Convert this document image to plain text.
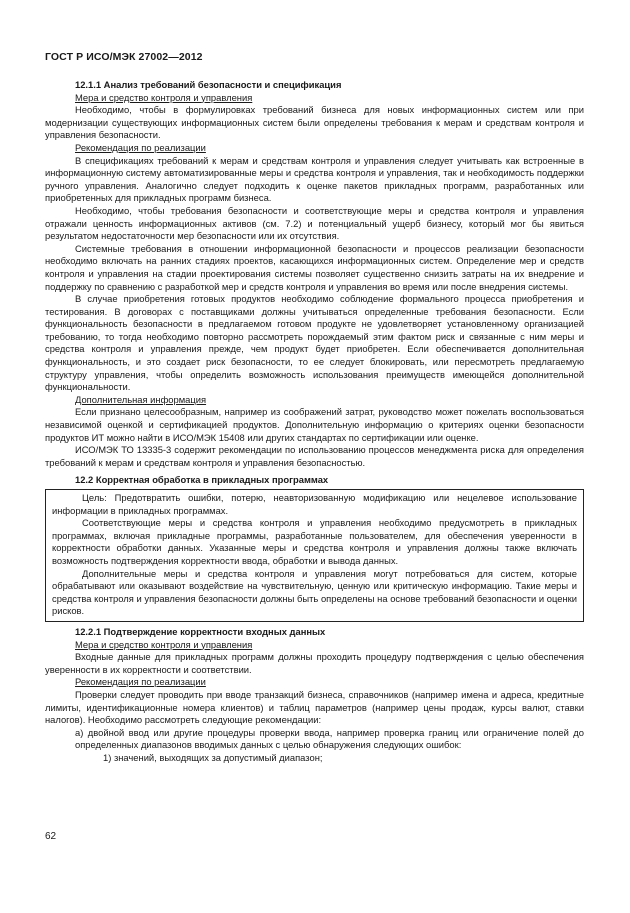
ГОСТ Р ИСО/МЭК 27002—2012
12.1.1 Анализ требований безопасности и спецификация
Мера и средство контроля и управления

Необходимо, чтобы в формулировках требований бизнеса для новых информационных систем или при модернизации существующих информационных систем были определены требования к мерам и средствам контроля и управления безопасности.

Рекомендация по реализации

В спецификациях требований к мерам и средствам контроля и управления следует учитывать как встроенные в информационную систему автоматизированные меры и средства контроля и управления, так и необходимость поддержки ручного управления. Аналогично следует подходить к оценке пакетов прикладных программ, разработанных или приобретенных для прикладных программ бизнеса.

Необходимо, чтобы требования безопасности и соответствующие меры и средства контроля и управления отражали ценность информационных активов (см. 7.2) и потенциальный ущерб бизнесу, который мог бы явиться результатом недостаточности мер безопасности или их отсутствия.

Системные требования в отношении информационной безопасности и процессов реализации безопасности необходимо включать на ранних стадиях проектов, касающихся информационных систем. Определение мер и средств контроля и управления на стадии проектирования системы позволяет существенно снизить затраты на их внедрение и поддержку по сравнению с разработкой мер и средств контроля и управления во время или после внедрения системы.

В случае приобретения готовых продуктов необходимо соблюдение формального процесса приобретения и тестирования. В договорах с поставщиками должны учитываться определенные требования безопасности. Если функциональность безопасности в предлагаемом готовом продукте не удовлетворяет установленному организацией требованию, то тогда необходимо повторно рассмотреть порождаемый этим фактом риск и связанные с ним меры и средства контроля и управления прежде, чем продукт будет приобретен. Если обеспечивается дополнительная функциональность, и это создает риск безопасности, то ее следует блокировать, или пересмотреть предлагаемую структуру управления, чтобы определить возможность использования преимуществ имеющейся дополнительной функциональности.

Дополнительная информация

Если признано целесообразным, например из соображений затрат, руководство может пожелать воспользоваться независимой оценкой и сертификацией продуктов. Дополнительную информацию о критериях оценки безопасности продуктов ИТ можно найти в ИСО/МЭК 15408 или других стандартах по сертификации или оценке.

ИСО/МЭК ТО 13335-3 содержит рекомендации по использованию процессов менеджмента риска для определения требований к мерам и средствам контроля и управления безопасностью.

12.2 Корректная обработка в прикладных программах

Цель: Предотвратить ошибки, потерю, неавторизованную модификацию или нецелевое использование информации в прикладных программах.

Соответствующие меры и средства контроля и управления необходимо предусмотреть в прикладных программах, включая прикладные программы, разработанные пользователем, для обеспечения уверенности в корректности обработки данных. Указанные меры и средства контроля и управления должны также включать возможность подтверждения корректности ввода, обработки и вывода данных.

Дополнительные меры и средства контроля и управления могут потребоваться для систем, которые обрабатывают или оказывают воздействие на чувствительную, ценную или критическую информацию. Такие меры и средства контроля и управления безопасности должны быть определены на основе требований безопасности и оценки рисков.

12.2.1 Подтверждение корректности входных данных
Мера и средство контроля и управления

Входные данные для прикладных программ должны проходить процедуру подтверждения с целью обеспечения уверенности в их корректности и соответствии.

Рекомендация по реализации

Проверки следует проводить при вводе транзакций бизнеса, справочников (например имена и адреса, кредитные лимиты, идентификационные номера клиентов) и таблиц параметров (например цены продаж, курсы валют, ставки налогов). Необходимо рассмотреть следующие рекомендации:

а) двойной ввод или другие процедуры проверки ввода, например проверка границ или ограничение полей до определенных диапазонов вводимых данных с целью обнаружения следующих ошибок:
1) значений, выходящих за допустимый диапазон;
62
